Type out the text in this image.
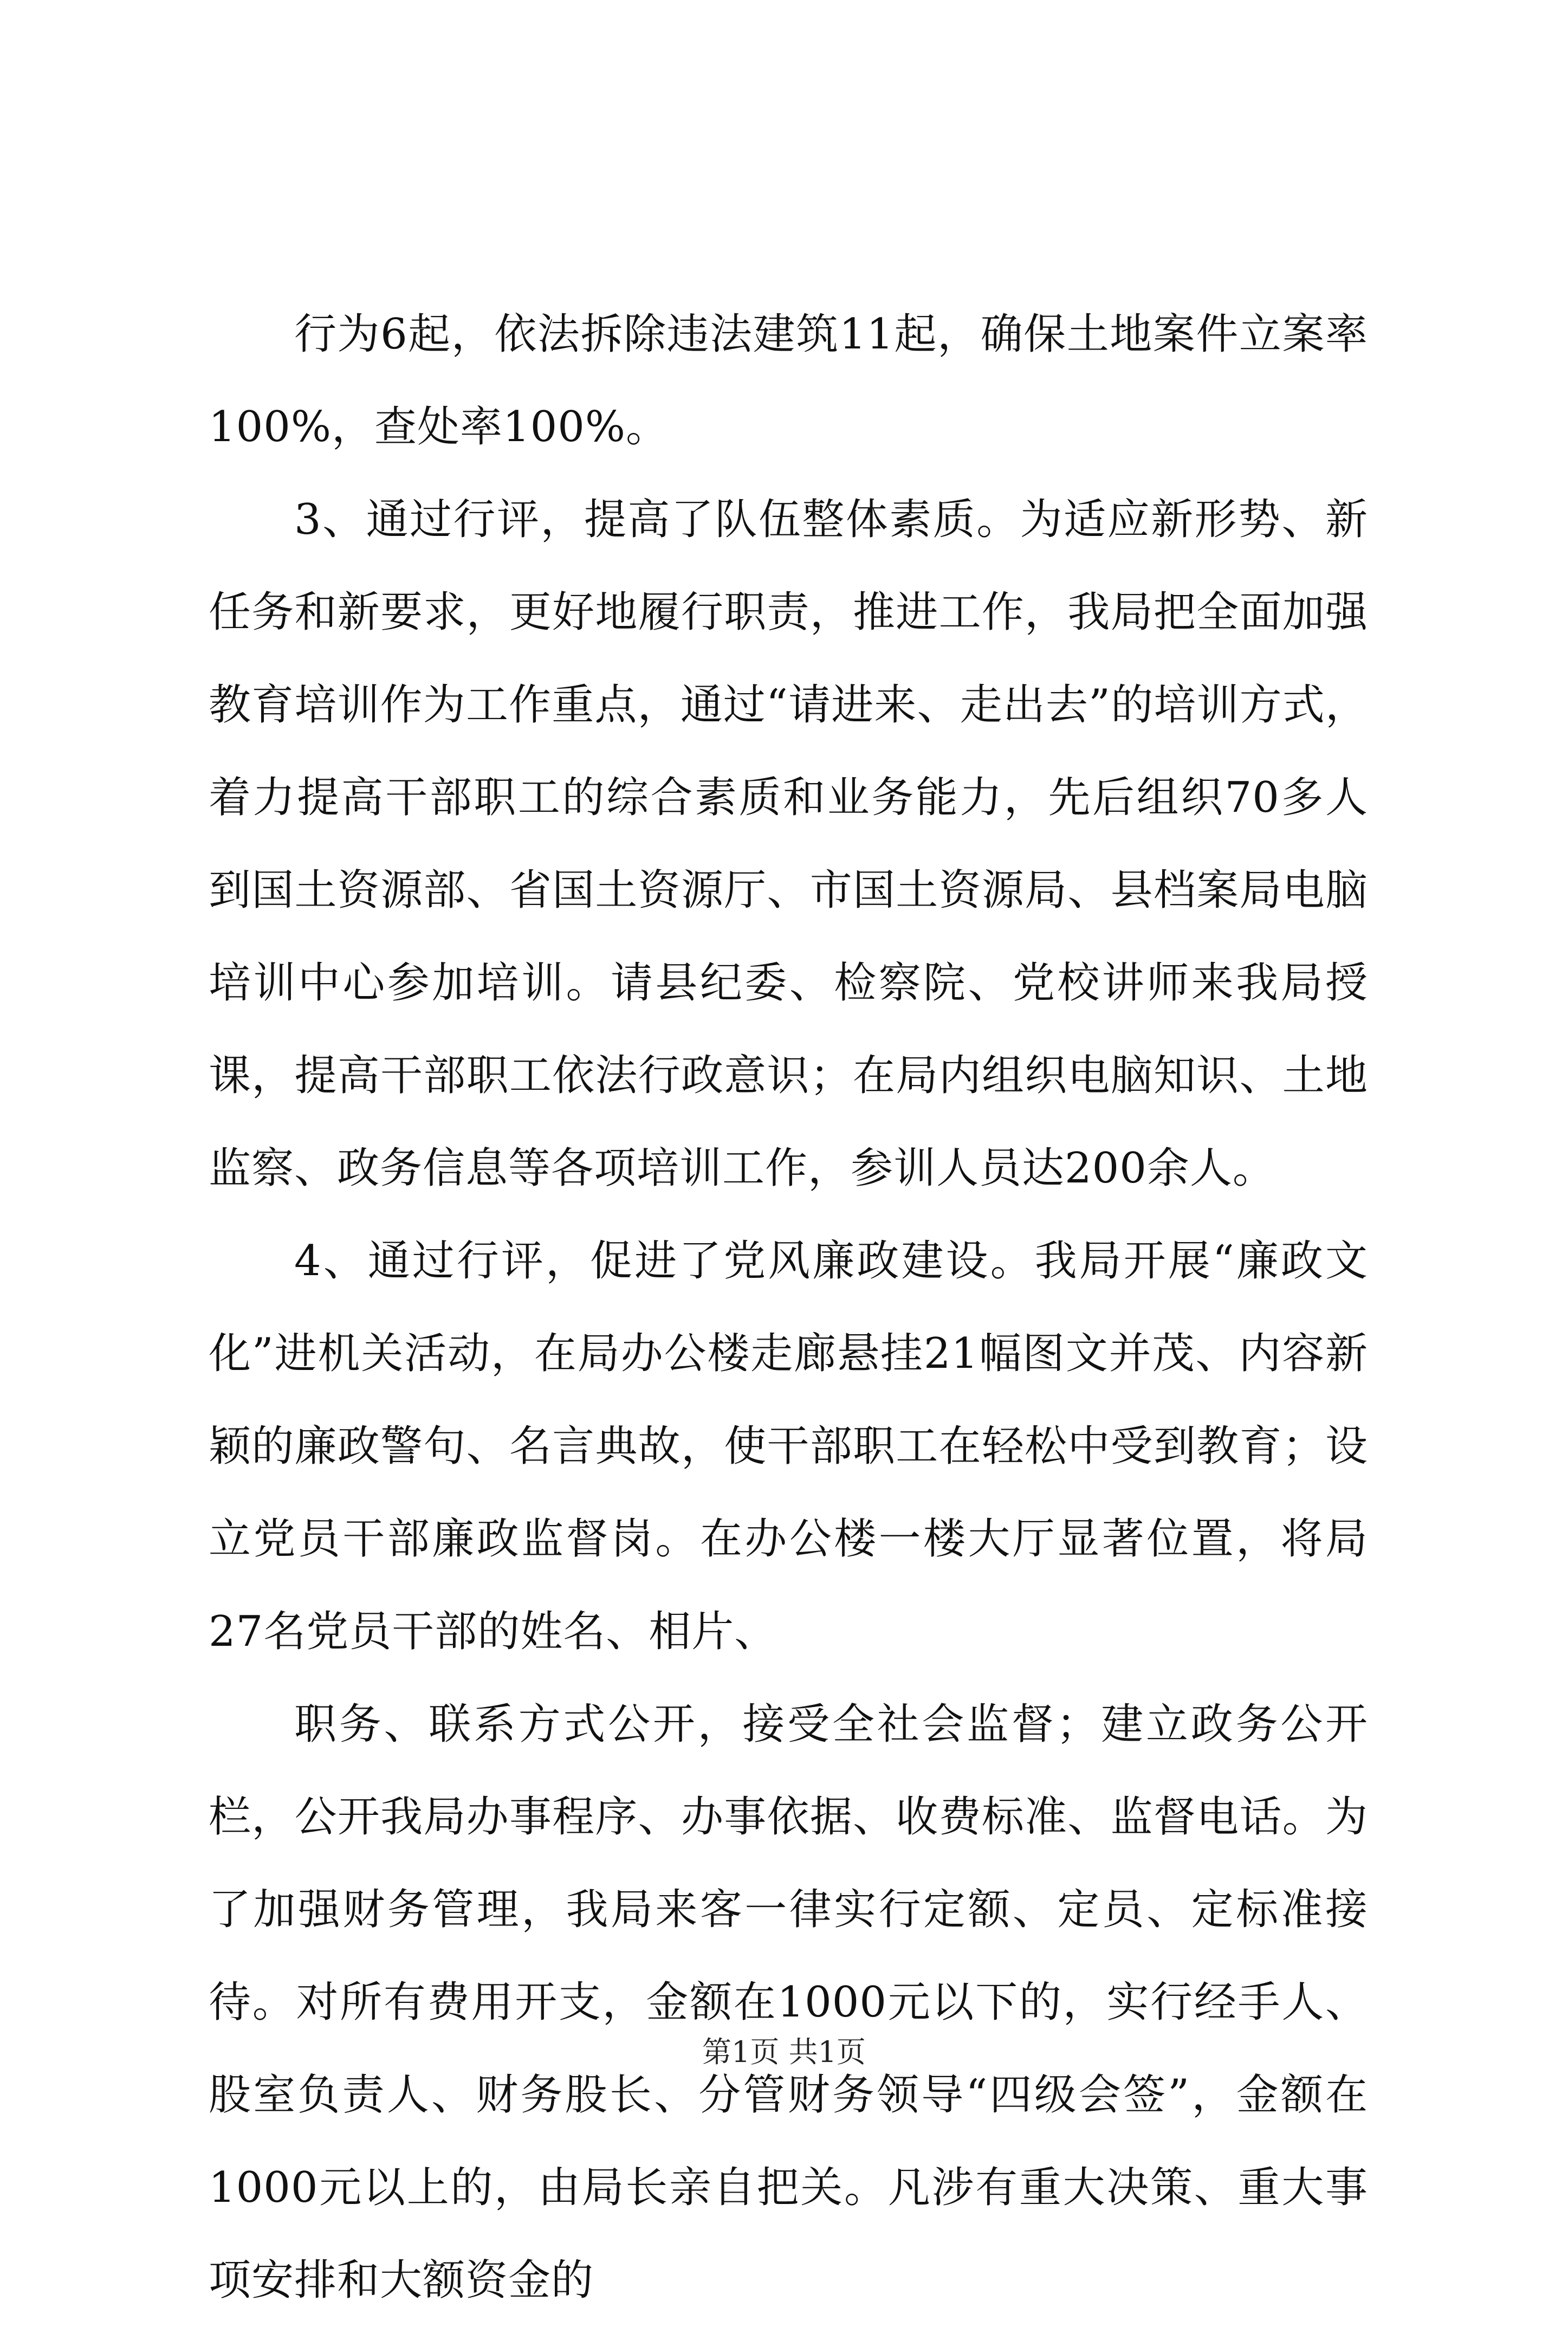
行为6起，依法拆除违法建筑11起，确保土地案件立案率100%，查处率100%。

3、通过行评，提高了队伍整体素质。为适应新形势、新任务和新要求，更好地履行职责，推进工作，我局把全面加强教育培训作为工作重点，通过“请进来、走出去”的培训方式，着力提高干部职工的综合素质和业务能力，先后组织70多人到国土资源部、省国土资源厅、市国土资源局、县档案局电脑培训中心参加培训。请县纪委、检察院、党校讲师来我局授课，提高干部职工依法行政意识；在局内组织电脑知识、土地监察、政务信息等各项培训工作，参训人员达200余人。

4、通过行评，促进了党风廉政建设。我局开展“廉政文化”进机关活动，在局办公楼走廊悬挂21幅图文并茂、内容新颖的廉政警句、名言典故，使干部职工在轻松中受到教育；设立党员干部廉政监督岗。在办公楼一楼大厅显著位置，将局27名党员干部的姓名、相片、

职务、联系方式公开，接受全社会监督；建立政务公开栏，公开我局办事程序、办事依据、收费标准、监督电话。为了加强财务管理，我局来客一律实行定额、定员、定标准接待。对所有费用开支，金额在1000元以下的，实行经手人、股室负责人、财务股长、分管财务领导“四级会签”，金额在1000元以上的，由局长亲自把关。凡涉有重大决策、重大事项安排和大额资金的

第1页 共1页
